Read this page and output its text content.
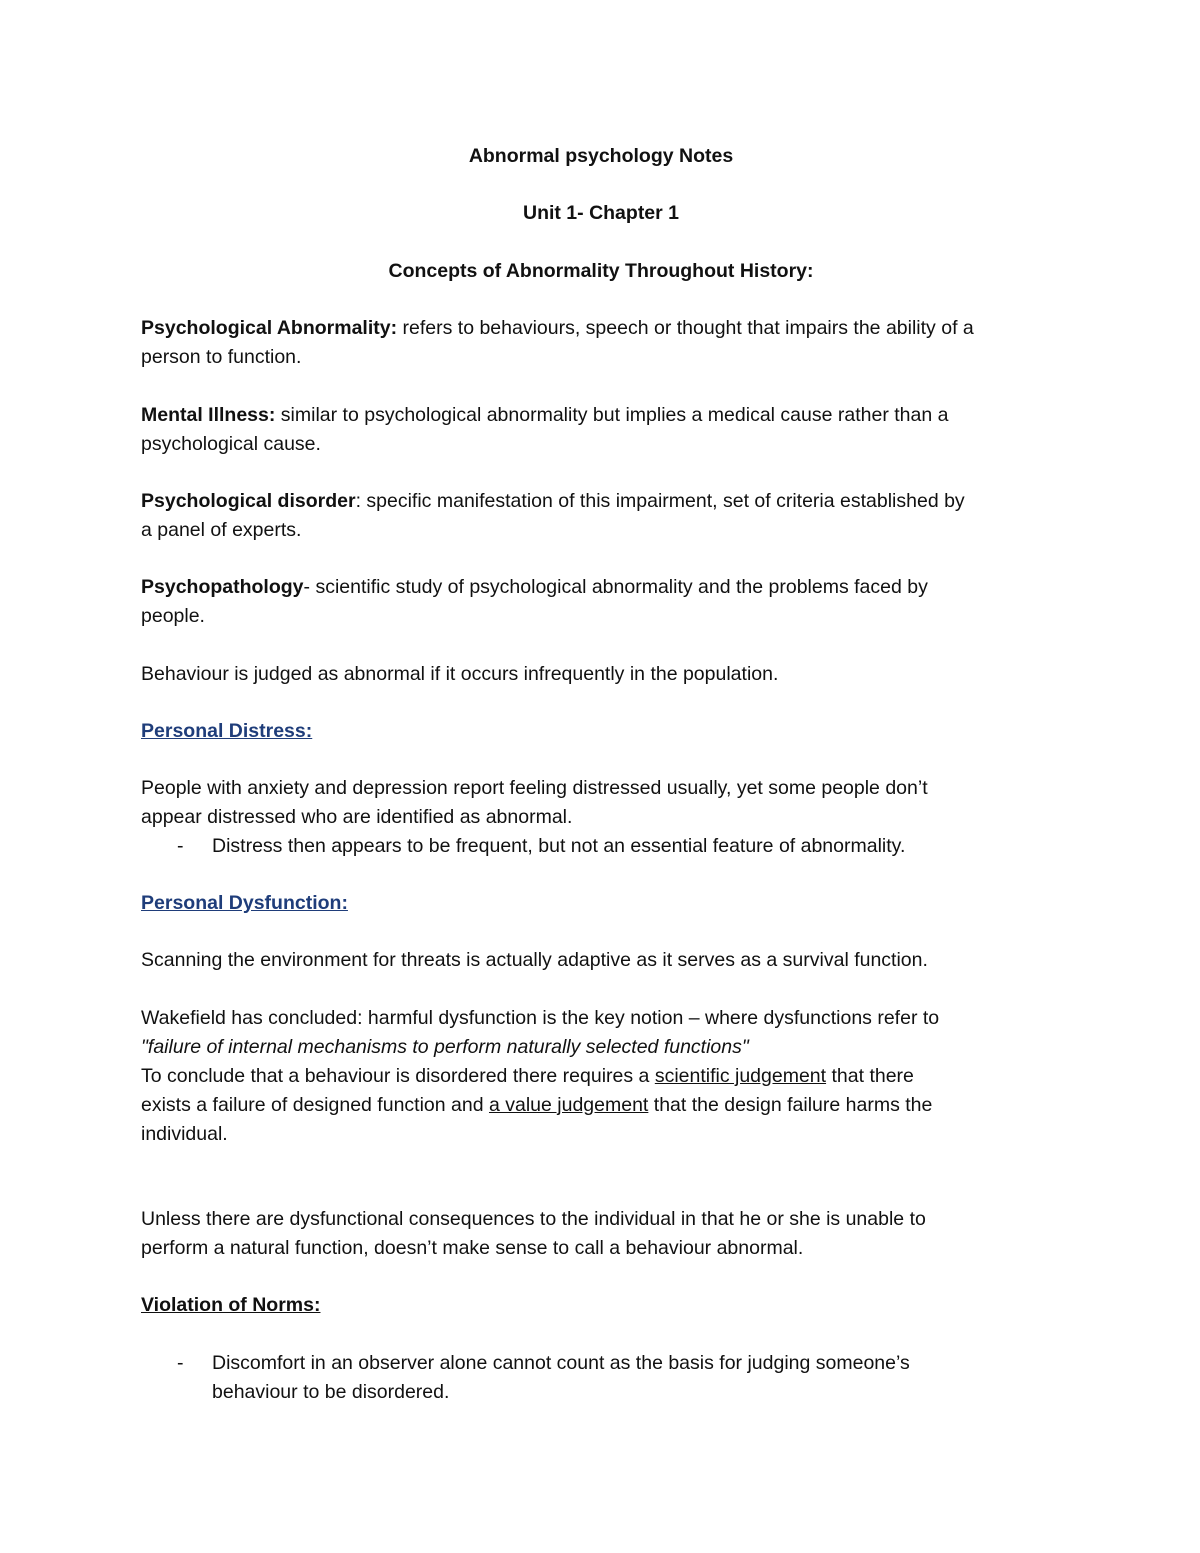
Abnormal psychology Notes
Unit 1- Chapter 1
Concepts of Abnormality Throughout History:
Psychological Abnormality: refers to behaviours, speech or thought that impairs the ability of a
person to function.
Mental Illness: similar to psychological abnormality but implies a medical cause rather than a
psychological cause.
Psychological disorder: specific manifestation of this impairment, set of criteria established by
a panel of experts.
Psychopathology- scientific study of psychological abnormality and the problems faced by
people.
Behaviour is judged as abnormal if it occurs infrequently in the population.
Personal Distress:
People with anxiety and depression report feeling distressed usually, yet some people don’t
appear distressed who are identified as abnormal.
- Distress then appears to be frequent, but not an essential feature of abnormality.
Personal Dysfunction:
Scanning the environment for threats is actually adaptive as it serves as a survival function.
Wakefield has concluded: harmful dysfunction is the key notion – where dysfunctions refer to
"failure of internal mechanisms to perform naturally selected functions"
To conclude that a behaviour is disordered there requires a scientific judgement that there
exists a failure of designed function and a value judgement that the design failure harms the
individual.
Unless there are dysfunctional consequences to the individual in that he or she is unable to
perform a natural function, doesn’t make sense to call a behaviour abnormal.
Violation of Norms:
- Discomfort in an observer alone cannot count as the basis for judging someone’s
behaviour to be disordered.
